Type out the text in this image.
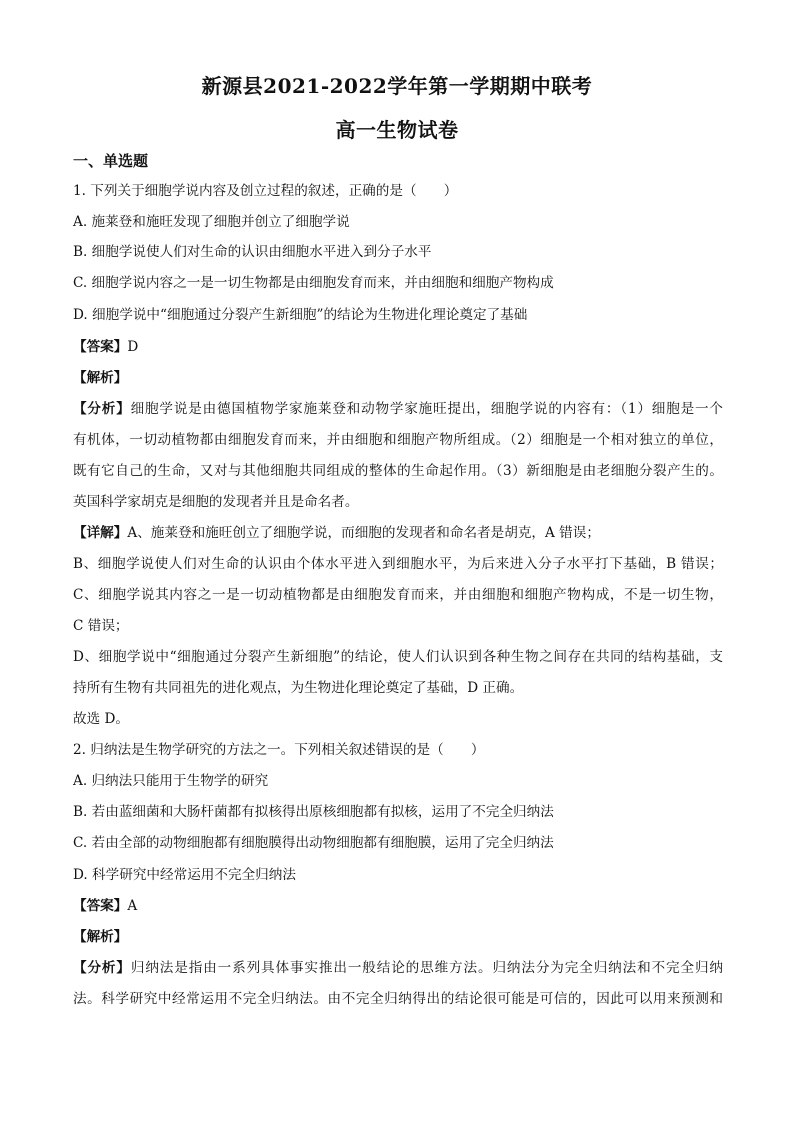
新源县2021-2022学年第一学期期中联考
高一生物试卷
一、单选题
1. 下列关于细胞学说内容及创立过程的叙述，正确的是（　　）
A. 施莱登和施旺发现了细胞并创立了细胞学说
B. 细胞学说使人们对生命的认识由细胞水平进入到分子水平
C. 细胞学说内容之一是一切生物都是由细胞发育而来，并由细胞和细胞产物构成
D. 细胞学说中“细胞通过分裂产生新细胞”的结论为生物进化理论奠定了基础
【答案】D
【解析】
【分析】细胞学说是由德国植物学家施莱登和动物学家施旺提出，细胞学说的内容有：（1）细胞是一个
有机体，一切动植物都由细胞发育而来，并由细胞和细胞产物所组成。（2）细胞是一个相对独立的单位，
既有它自己的生命，又对与其他细胞共同组成的整体的生命起作用。（3）新细胞是由老细胞分裂产生的。
英国科学家胡克是细胞的发现者并且是命名者。
【详解】A、施莱登和施旺创立了细胞学说，而细胞的发现者和命名者是胡克，A 错误；
B、细胞学说使人们对生命的认识由个体水平进入到细胞水平，为后来进入分子水平打下基础，B 错误；
C、细胞学说其内容之一是一切动植物都是由细胞发育而来，并由细胞和细胞产物构成，不是一切生物，
C 错误；
D、细胞学说中“细胞通过分裂产生新细胞”的结论，使人们认识到各种生物之间存在共同的结构基础，支
持所有生物有共同祖先的进化观点，为生物进化理论奠定了基础，D 正确。
故选 D。
2. 归纳法是生物学研究的方法之一。下列相关叙述错误的是（　　）
A. 归纳法只能用于生物学的研究
B. 若由蓝细菌和大肠杆菌都有拟核得出原核细胞都有拟核，运用了不完全归纳法
C. 若由全部的动物细胞都有细胞膜得出动物细胞都有细胞膜，运用了完全归纳法
D. 科学研究中经常运用不完全归纳法
【答案】A
【解析】
【分析】归纳法是指由一系列具体事实推出一般结论的思维方法。归纳法分为完全归纳法和不完全归纳
法。科学研究中经常运用不完全归纳法。由不完全归纳得出的结论很可能是可信的，因此可以用来预测和
